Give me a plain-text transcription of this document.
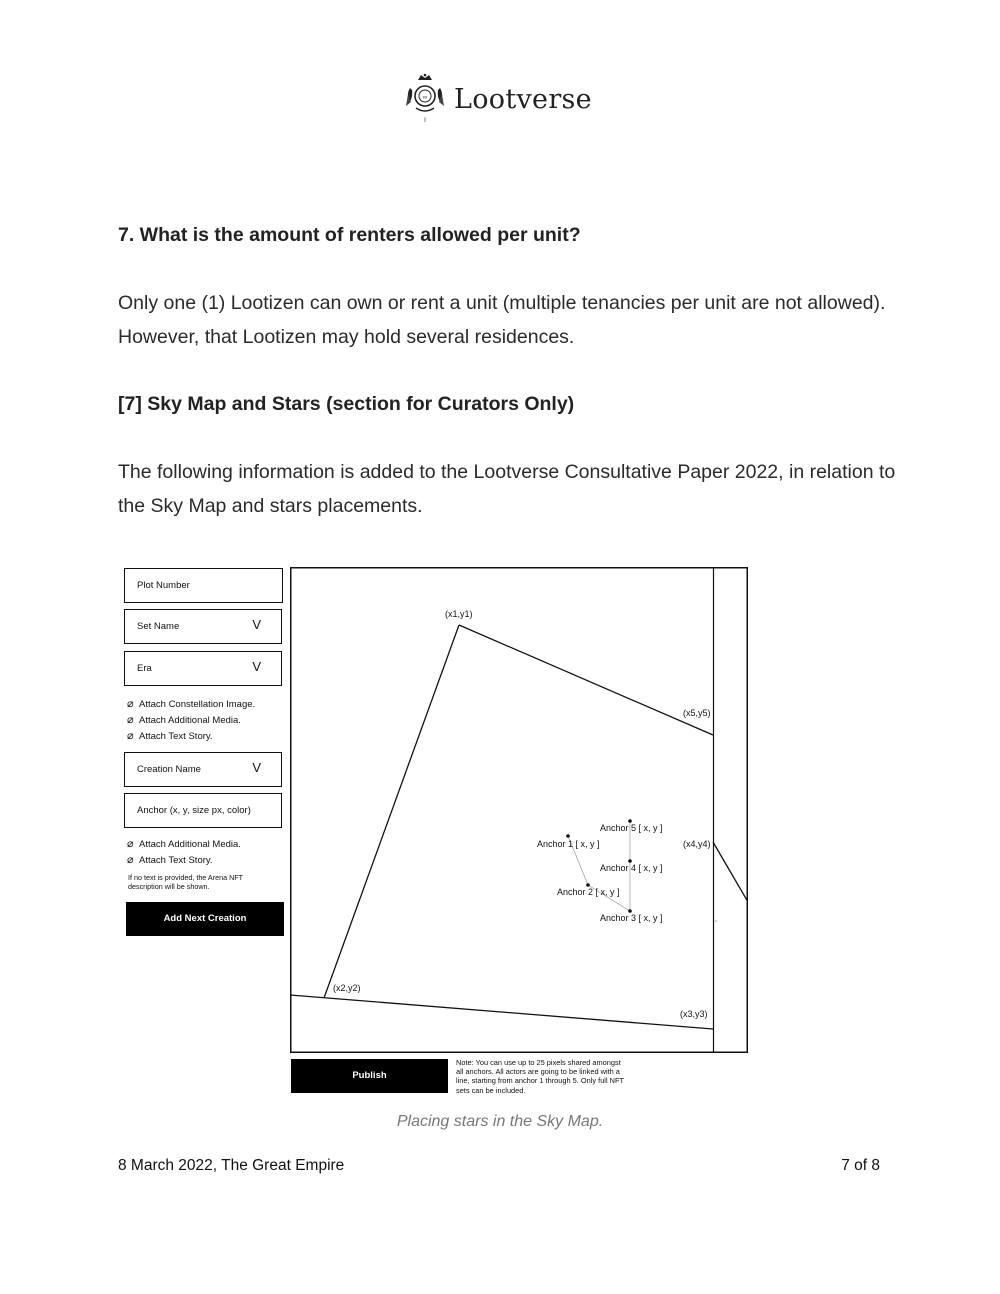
∞
I
Lootverse
7. What is the amount of renters allowed per unit?
Only one (1) Lootizen can own or rent a unit (multiple tenancies per unit are not allowed). However, that Lootizen may hold several residences.
[7] Sky Map and Stars (section for Curators Only)
The following information is added to the Lootverse Consultative Paper 2022, in relation to the Sky Map and stars placements.
Plot Number
Set Name	V
Era	V
⌀ Attach Constellation Image.
⌀ Attach Additional Media.
⌀ Attach Text Story.
Creation Name	V
Anchor (x, y, size px, color)
⌀ Attach Additional Media.
⌀ Attach Text Story.
If no text is provided, the Arena NFT description will be shown.
Add Next Creation
(x1,y1)
(x5,y5)
(x4,y4)
(x2,y2)
(x3,y3)
Anchor 1 [ x, y ]
Anchor 2 [ x, y ]
Anchor 3 [ x, y ]
Anchor 4 [ x, y ]
Anchor 5 [ x, y ]
Publish
Note: You can use up to 25 pixels shared amongst all anchors. All actors are going to be linked with a line, starting from anchor 1 through 5. Only full NFT sets can be included.
Placing stars in the Sky Map.
8 March 2022, The Great Empire	7 of 8
